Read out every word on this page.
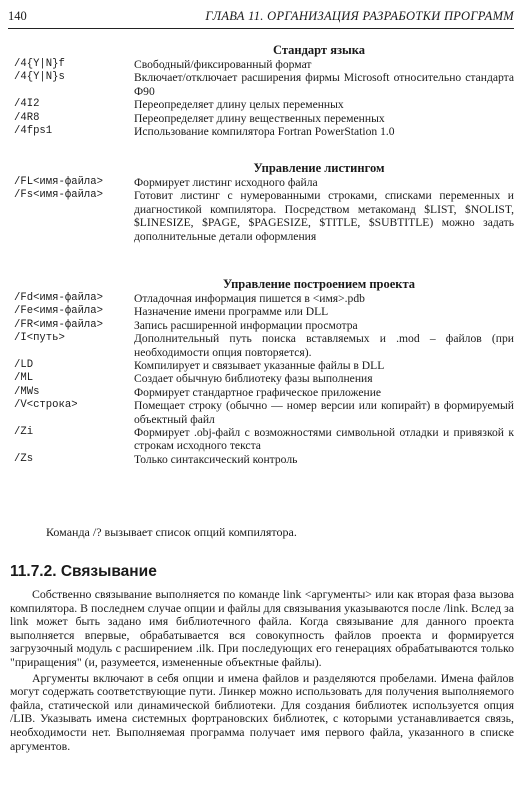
140	ГЛАВА 11. ОРГАНИЗАЦИЯ РАЗРАБОТКИ ПРОГРАММ
Стандарт языка
/4{Y|N}f	Свободный/фиксированный формат
/4{Y|N}s	Включает/отключает расширения фирмы Microsoft относительно стандарта Ф90
/4I2	Переопределяет длину целых переменных
/4R8	Переопределяет длину вещественных переменных
/4fps1	Использование компилятора Fortran PowerStation 1.0
Управление листингом
/FL<имя-файла>	Формирует листинг исходного файла
/Fs<имя-файла>	Готовит листинг с нумерованными строками, списками переменных и диагностикой компилятора. Посредством метакоманд $LIST, $NOLIST, $LINESIZE, $PAGE, $PAGESIZE, $TITLE, $SUBTITLE) можно задать дополнительные детали оформления
Управление построением проекта
/Fd<имя-файла>	Отладочная информация пишется в <имя>.pdb
/Fe<имя-файла>	Назначение имени программе или DLL
/FR<имя-файла>	Запись расширенной информации просмотра
/I<путь>	Дополнительный путь поиска вставляемых и .mod – файлов (при необходимости опция повторяется).
/LD	Компилирует и связывает указанные файлы в DLL
/ML	Создает обычную библиотеку фазы выполнения
/MWs	Формирует стандартное графическое приложение
/V<строка>	Помещает строку (обычно — номер версии или копирайт) в формируемый объектный файл
/Zi	Формирует .obj-файл с возможностями символьной отладки и привязкой к строкам исходного текста
/Zs	Только синтаксический контроль
Команда /? вызывает список опций компилятора.
11.7.2. Связывание

Собственно связывание выполняется по команде link <аргументы> или как вторая фаза вызова компилятора. В последнем случае опции и файлы для связывания указываются после /link. Вслед за link может быть задано имя библиотечного файла. Когда связывание для данного проекта выполняется впервые, обрабатывается вся совокупность файлов проекта и формируется загрузочный модуль с расширением .ilk. При последующих его генерациях обрабатываются только "приращения" (и, разумеется, измененные объектные файлы).

Аргументы включают в себя опции и имена файлов и разделяются пробелами. Имена файлов могут содержать соответствующие пути. Линкер можно использовать для получения выполняемого файла, статической или динамической библиотеки. Для создания библиотек используется опция /LIB. Указывать имена системных фортрановских библиотек, с которыми устанавливается связь, необходимости нет. Выполняемая программа получает имя первого файла, указанного в списке аргументов.
